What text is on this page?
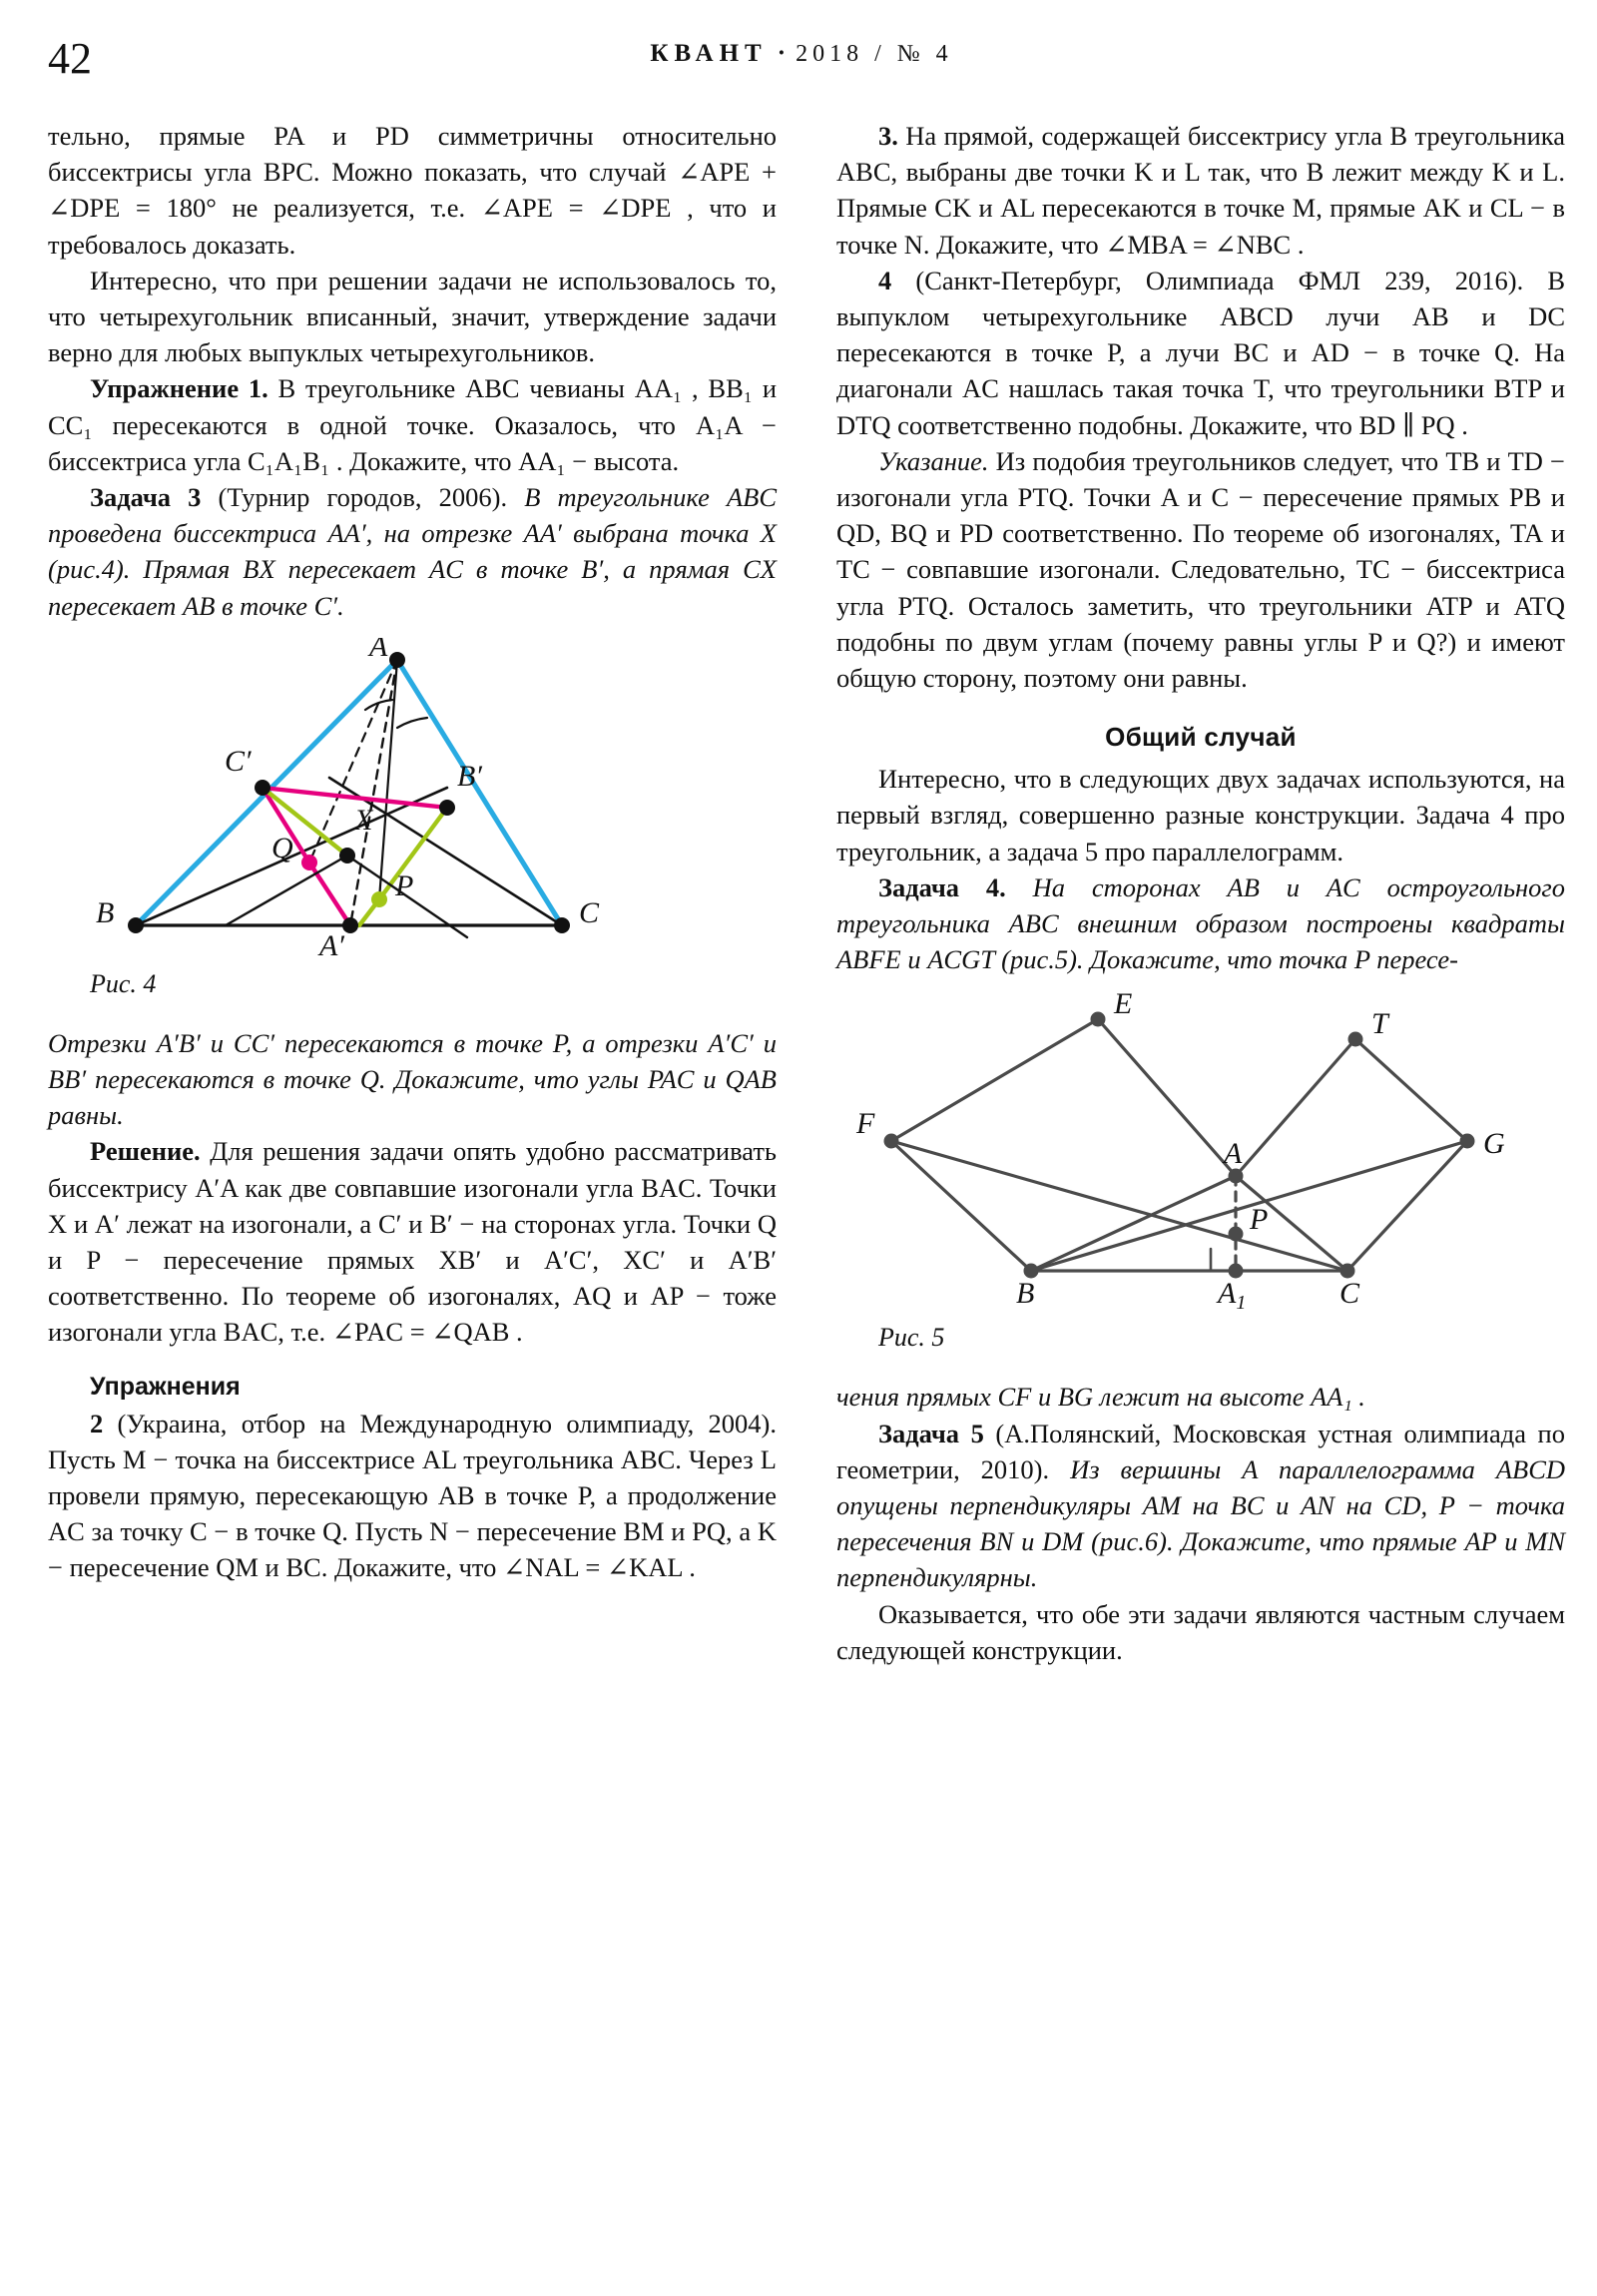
42	КВАНТ · 2018 / № 4

тельно, прямые PA и PD симметричны относительно биссектрисы угла BPC. Можно показать, что случай ∠APE + ∠DPE = 180° не реализуется, т.е. ∠APE = ∠DPE , что и требовалось доказать.

Интересно, что при решении задачи не использовалось то, что четырехугольник вписанный, значит, утверждение задачи верно для любых выпуклых четырехугольников.

Упражнение 1. В треугольнике ABC чевианы AA₁ , BB₁ и CC₁ пересекаются в одной точке. Оказалось, что A₁A − биссектриса угла C₁A₁B₁ . Докажите, что AA₁ − высота.

Задача 3 (Турнир городов, 2006). В треугольнике ABC проведена биссектриса AA′, на отрезке AA′ выбрана точка X (рис.4). Прямая BX пересекает AC в точке B′, а прямая CX пересекает AB в точке C′.

A
B	C
C′	B′
X
Q
P
A′
Рис. 4

Отрезки A′B′ и CC′ пересекаются в точке P, а отрезки A′C′ и BB′ пересекаются в точке Q. Докажите, что углы PAC и QAB равны.

Решение. Для решения задачи опять удобно рассматривать биссектрису A′A как две совпавшие изогонали угла BAC. Точки X и A′ лежат на изогонали, а C′ и B′ − на сторонах угла. Точки Q и P − пересечение прямых XB′ и A′C′, XC′ и A′B′ соответственно. По теореме об изогоналях, AQ и AP − тоже изогонали угла BAC, т.е. ∠PAC = ∠QAB .

Упражнения

2 (Украина, отбор на Международную олимпиаду, 2004). Пусть M − точка на биссектрисе AL треугольника ABC. Через L провели прямую, пересекающую AB в точке P, а продолжение AC за точку C − в точке Q. Пусть N − пересечение BM и PQ, а K − пересечение QM и BC. Докажите, что ∠NAL = ∠KAL .

3. На прямой, содержащей биссектрису угла B треугольника ABC, выбраны две точки K и L так, что B лежит между K и L. Прямые CK и AL пересекаются в точке M, прямые AK и CL − в точке N. Докажите, что ∠MBA = ∠NBC .

4 (Санкт-Петербург, Олимпиада ФМЛ 239, 2016). В выпуклом четырехугольнике ABCD лучи AB и DC пересекаются в точке P, а лучи BC и AD − в точке Q. На диагонали AC нашлась такая точка T, что треугольники BTP и DTQ соответственно подобны. Докажите, что BD ∥ PQ .

Указание. Из подобия треугольников следует, что TB и TD − изогонали угла PTQ. Точки A и C − пересечение прямых PB и QD, BQ и PD соответственно. По теореме об изогоналях, TA и TC − совпавшие изогонали. Следовательно, TC − биссектриса угла PTQ. Осталось заметить, что треугольники ATP и ATQ подобны по двум углам (почему равны углы P и Q?) и имеют общую сторону, поэтому они равны.

Общий случай

Интересно, что в следующих двух задачах используются, на первый взгляд, совершенно разные конструкции. Задача 4 про треугольник, а задача 5 про параллелограмм.

Задача 4. На сторонах AB и AC остроугольного треугольника ABC внешним образом построены квадраты ABFE и ACGT (рис.5). Докажите, что точка P пересе-

E
T
F
A	G
P
B	$A_1$	C
Рис. 5

чения прямых CF и BG лежит на высоте AA₁ .

Задача 5 (А.Полянский, Московская устная олимпиада по геометрии, 2010). Из вершины A параллелограмма ABCD опущены перпендикуляры AM на BC и AN на CD, P − точка пересечения BN и DM (рис.6). Докажите, что прямые AP и MN перпендикулярны.

Оказывается, что обе эти задачи являются частным случаем следующей конструкции.
